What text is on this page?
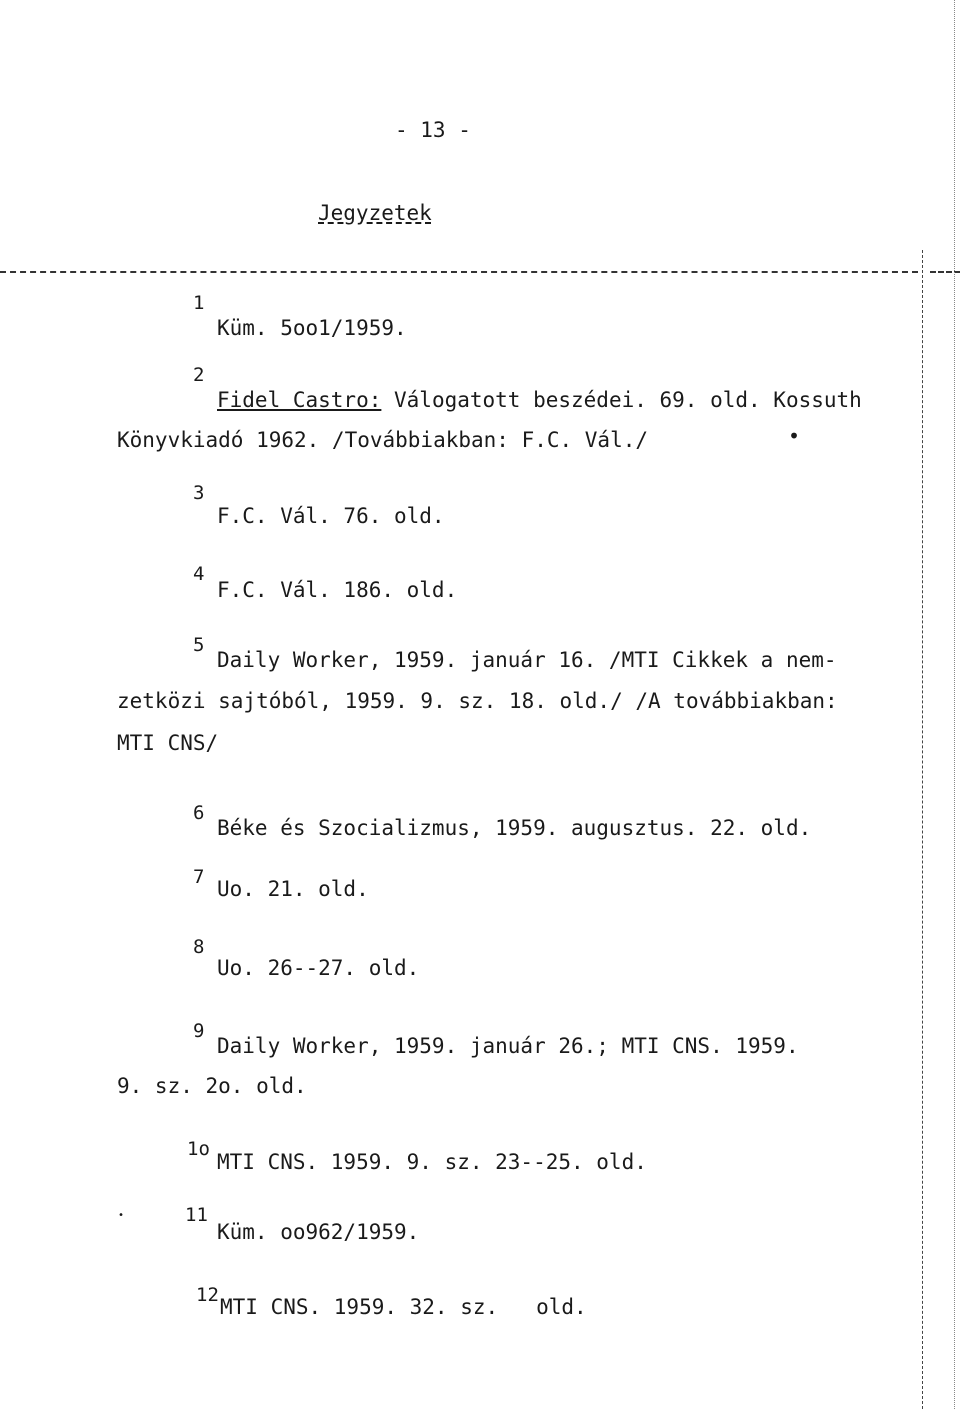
- 13 -
Jegyzetek
1
Küm. 5oo1/1959.
2
Fidel Castro: Válogatott beszédei. 69. old. Kossuth
Könyvkiadó 1962. /Továbbiakban: F.C. Vál./	•
3
F.C. Vál. 76. old.
4
F.C. Vál. 186. old.
5
Daily Worker, 1959. január 16. /MTI Cikkek a nem-
zetközi sajtóból, 1959. 9. sz. 18. old./ /A továbbiakban:
MTI CNS/
6
Béke és Szocializmus, 1959. augusztus. 22. old.
7 Uo. 21. old.
8
Uo. 26--27. old.
9
Daily Worker, 1959. január 26.; MTI CNS. 1959.
9. sz. 2o. old.
1o
MTI CNS. 1959. 9. sz. 23--25. old.
11
Küm. oo962/1959.
•
12 MTI CNS. 1959. 32. sz.   old.
